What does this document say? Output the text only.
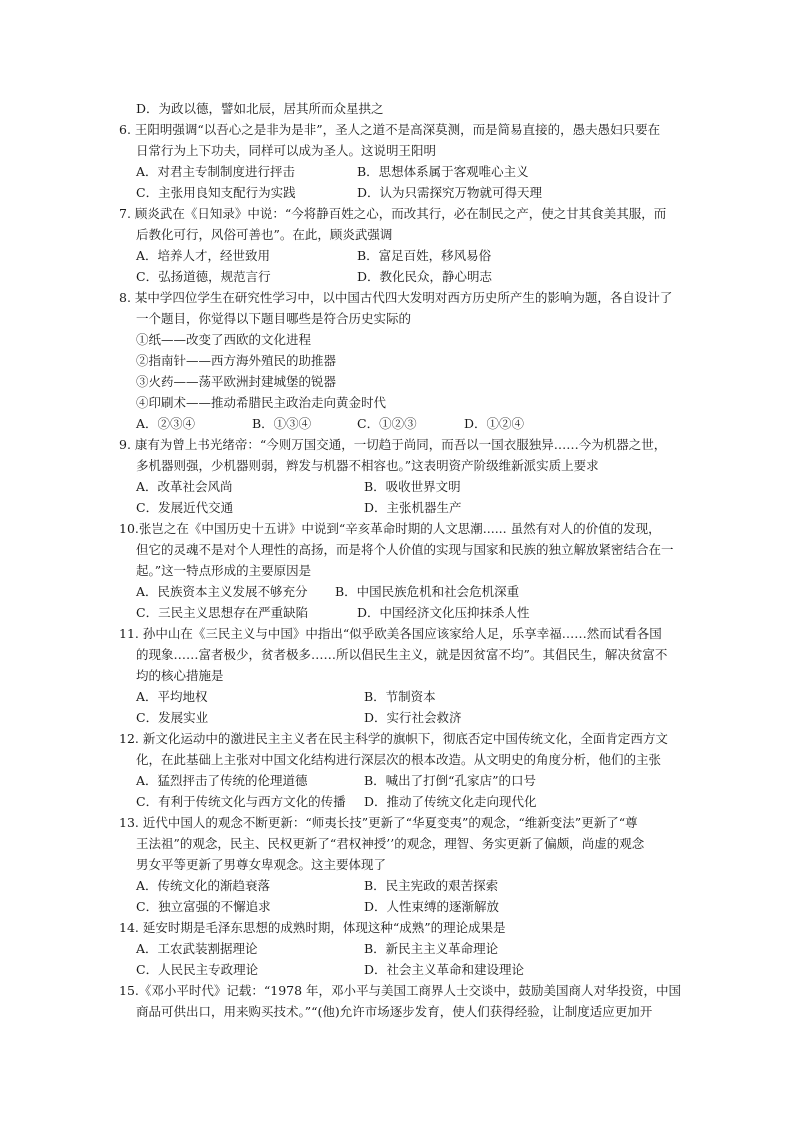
D．为政以德，譬如北辰，居其所而众星拱之
6. 王阳明强调“以吾心之是非为是非”，圣人之道不是高深莫测，而是简易直接的，愚夫愚妇只要在
日常行为上下功夫，同样可以成为圣人。这说明王阳明
7. 顾炎武在《日知录》中说：“今将静百姓之心，而改其行，必在制民之产，使之甘其食美其服，而
后教化可行，风俗可善也”。在此，顾炎武强调
8. 某中学四位学生在研究性学习中，以中国古代四大发明对西方历史所产生的影响为题，各自设计了
一个题目，你觉得以下题目哪些是符合历史实际的
①纸——改变了西欧的文化进程
②指南针——西方海外殖民的助推器
③火药——荡平欧洲封建城堡的锐器
④印刷术——推动希腊民主政治走向黄金时代
9. 康有为曾上书光绪帝：“今则万国交通，一切趋于尚同，而吾以一国衣服独异……今为机器之世，
多机器则强，少机器则弱，辫发与机器不相容也。”这表明资产阶级维新派实质上要求
10.张岂之在《中国历史十五讲》中说到“辛亥革命时期的人文思潮...... 虽然有对人的价值的发现，
但它的灵魂不是对个人理性的高扬，而是将个人价值的实现与国家和民族的独立解放紧密结合在一
起。”这一特点形成的主要原因是
11. 孙中山在《三民主义与中国》中指出“似乎欧美各国应该家给人足，乐享幸福……然而试看各国
的现象……富者极少，贫者极多……所以倡民生主义，就是因贫富不均”。其倡民生，解决贫富不
均的核心措施是
12. 新文化运动中的激进民主主义者在民主科学的旗帜下，彻底否定中国传统文化，全面肯定西方文
化，在此基础上主张对中国文化结构进行深层次的根本改造。从文明史的角度分析，他们的主张
13. 近代中国人的观念不断更新：“师夷长技”更新了“华夏变夷”的观念，“维新变法”更新了“尊
王法祖”的观念，民主、民权更新了“君权神授’’的观念，理智、务实更新了偏颇，尚虚的观念
男女平等更新了男尊女卑观念。这主要体现了
14. 延安时期是毛泽东思想的成熟时期，体现这种“成熟”的理论成果是
15.《邓小平时代》记载：“1978 年，邓小平与美国工商界人士交谈中，鼓励美国商人对华投资，中国
商品可供出口，用来购买技术。”“(他)允许市场逐步发育，使人们获得经验，让制度适应更加开
A．对君主专制制度进行抨击	B．思想体系属于客观唯心主义
C．主张用良知支配行为实践	D．认为只需探究万物就可得天理
A．培养人才，经世致用	B．富足百姓，移风易俗
C．弘扬道德，规范言行	D．教化民众，静心明志
A．②③④	B．①③④	C．①②③	D．①②④
A．改革社会风尚	B．吸收世界文明
C．发展近代交通	D．主张机器生产
A．民族资本主义发展不够充分 B．中国民族危机和社会危机深重
C．三民主义思想存在严重缺陷	D．中国经济文化压抑抹杀人性
A．平均地权	B．节制资本
C．发展实业	D．实行社会救济
A．猛烈抨击了传统的伦理道德	B．喊出了打倒“孔家店”的口号
C．有利于传统文化与西方文化的传播 D．推动了传统文化走向现代化
A．传统文化的渐趋衰落	B．民主宪政的艰苦探索
C．独立富强的不懈追求	D．人性束缚的逐渐解放
A．工农武装割据理论	B．新民主主义革命理论
C．人民民主专政理论	D．社会主义革命和建设理论
